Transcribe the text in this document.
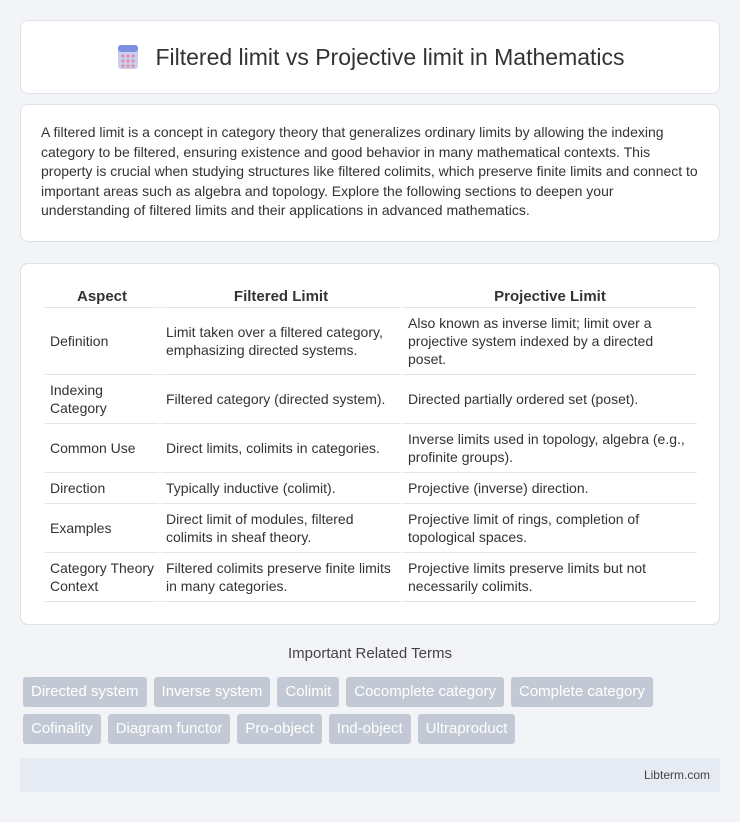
Filtered limit vs Projective limit in Mathematics

A filtered limit is a concept in category theory that generalizes ordinary limits by allowing the indexing category to be filtered, ensuring existence and good behavior in many mathematical contexts. This property is crucial when studying structures like filtered colimits, which preserve finite limits and connect to important areas such as algebra and topology. Explore the following sections to deepen your understanding of filtered limits and their applications in advanced mathematics.

Aspect	Filtered Limit	Projective Limit
Definition	Limit taken over a filtered category, emphasizing directed systems.	Also known as inverse limit; limit over a projective system indexed by a directed poset.
Indexing Category	Filtered category (directed system).	Directed partially ordered set (poset).
Common Use	Direct limits, colimits in categories.	Inverse limits used in topology, algebra (e.g., profinite groups).
Direction	Typically inductive (colimit).	Projective (inverse) direction.
Examples	Direct limit of modules, filtered colimits in sheaf theory.	Projective limit of rings, completion of topological spaces.
Category Theory Context	Filtered colimits preserve finite limits in many categories.	Projective limits preserve limits but not necessarily colimits.
Important Related Terms
Directed system	Inverse system	Colimit	Cocomplete category	Complete category
Cofinality	Diagram functor	Pro-object	Ind-object	Ultraproduct
Libterm.com
